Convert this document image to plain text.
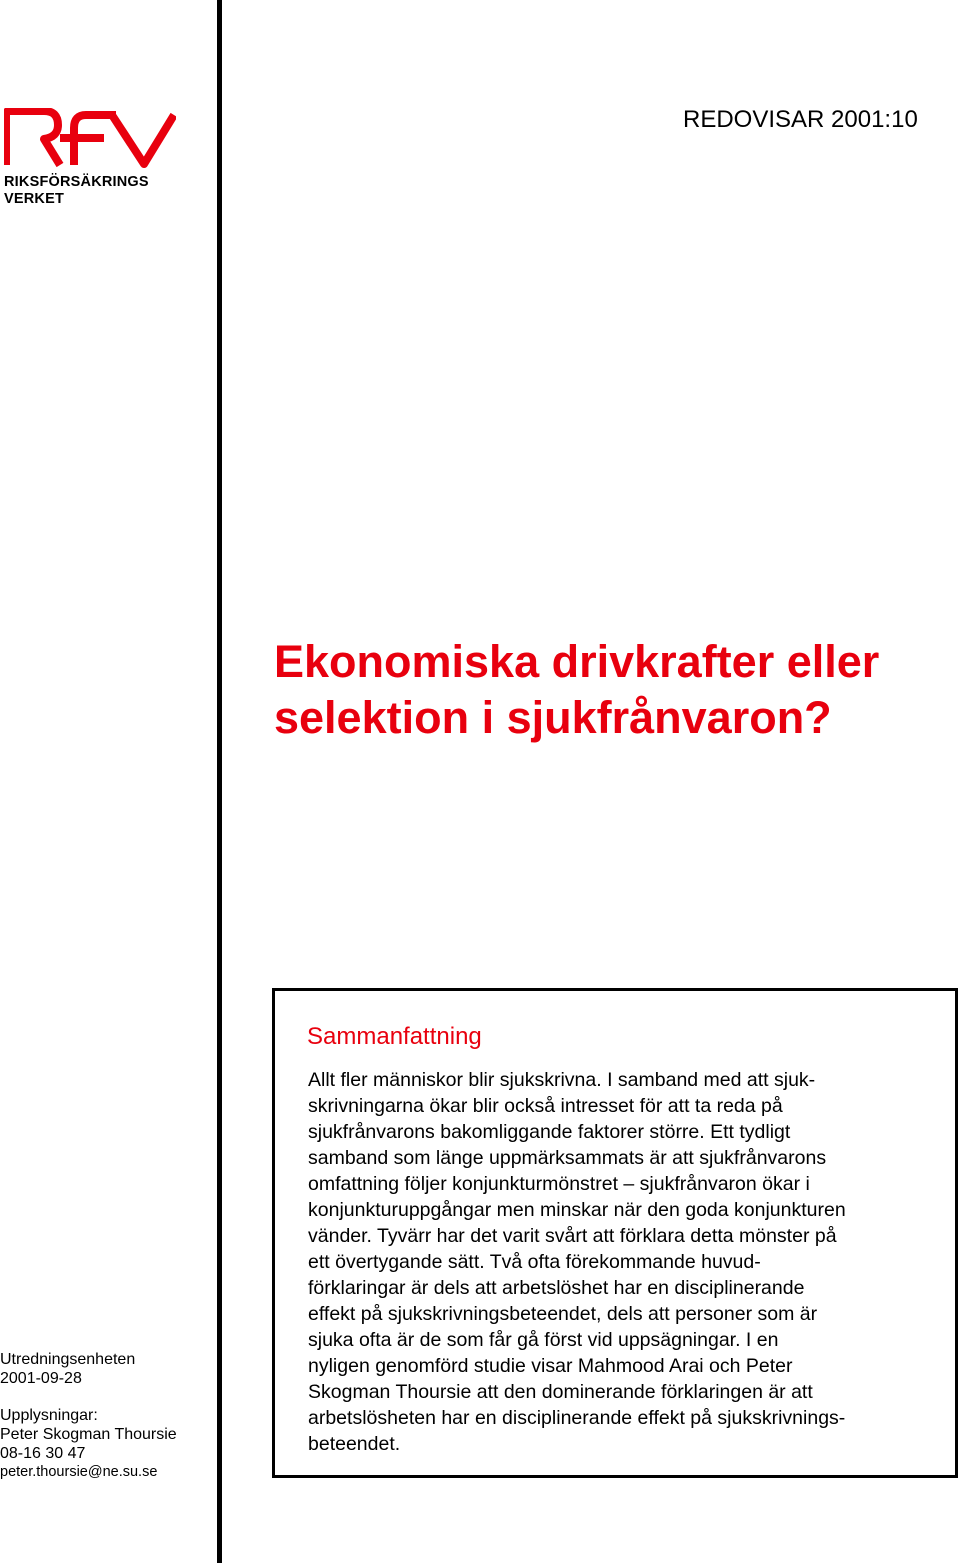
RIKSFÖRSÄKRINGS
VERKET
REDOVISAR 2001:10
Ekonomiska drivkrafter eller
selektion i sjukfrånvaron?
Utredningsenheten
2001-09-28
Upplysningar:
Peter Skogman Thoursie
08-16 30 47
peter.thoursie@ne.su.se
Sammanfattning
Allt fler människor blir sjukskrivna. I samband med att sjuk-
skrivningarna ökar blir också intresset för att ta reda på
sjukfrånvarons bakomliggande faktorer större. Ett tydligt
samband som länge uppmärksammats är att sjukfrånvarons
omfattning följer konjunkturmönstret – sjukfrånvaron ökar i
konjunkturuppgångar men minskar när den goda konjunkturen
vänder. Tyvärr har det varit svårt att förklara detta mönster på
ett övertygande sätt. Två ofta förekommande huvud-
förklaringar är dels att arbetslöshet har en disciplinerande
effekt på sjukskrivningsbeteendet, dels att personer som är
sjuka ofta är de som får gå först vid uppsägningar. I en
nyligen genomförd studie visar Mahmood Arai och Peter
Skogman Thoursie att den dominerande förklaringen är att
arbetslösheten har en disciplinerande effekt på sjukskrivnings-
beteendet.
